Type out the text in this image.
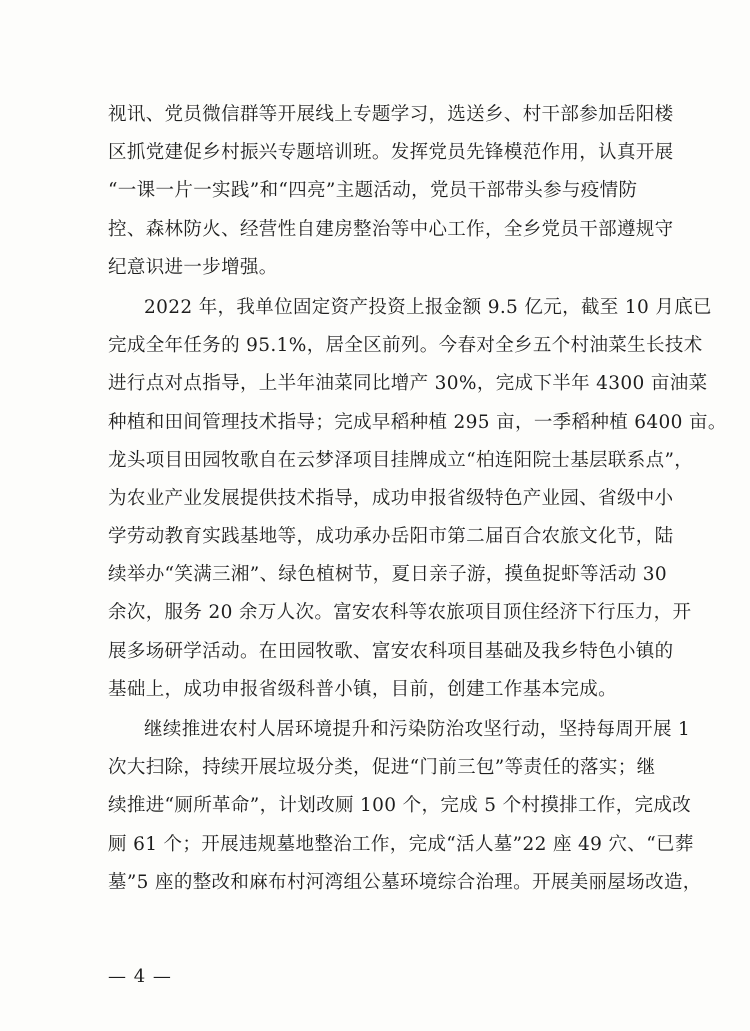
视讯、党员微信群等开展线上专题学习，选送乡、村干部参加岳阳楼
区抓党建促乡村振兴专题培训班。发挥党员先锋模范作用，认真开展
“一课一片一实践”和“四亮”主题活动，党员干部带头参与疫情防
控、森林防火、经营性自建房整治等中心工作，全乡党员干部遵规守
纪意识进一步增强。
2022 年，我单位固定资产投资上报金额 9.5 亿元，截至 10 月底已
完成全年任务的 95.1%，居全区前列。今春对全乡五个村油菜生长技术
进行点对点指导，上半年油菜同比增产 30%，完成下半年 4300 亩油菜
种植和田间管理技术指导；完成早稻种植 295 亩，一季稻种植 6400 亩。
龙头项目田园牧歌自在云梦泽项目挂牌成立“柏连阳院士基层联系点”，
为农业产业发展提供技术指导，成功申报省级特色产业园、省级中小
学劳动教育实践基地等，成功承办岳阳市第二届百合农旅文化节，陆
续举办“笑满三湘”、绿色植树节，夏日亲子游，摸鱼捉虾等活动 30
余次，服务 20 余万人次。富安农科等农旅项目顶住经济下行压力，开
展多场研学活动。在田园牧歌、富安农科项目基础及我乡特色小镇的
基础上，成功申报省级科普小镇，目前，创建工作基本完成。
继续推进农村人居环境提升和污染防治攻坚行动，坚持每周开展 1
次大扫除，持续开展垃圾分类，促进“门前三包”等责任的落实；继
续推进“厕所革命”，计划改厕 100 个，完成 5 个村摸排工作，完成改
厕 61 个；开展违规墓地整治工作，完成“活人墓”22 座 49 穴、“已葬
墓”5 座的整改和麻布村河湾组公墓环境综合治理。开展美丽屋场改造，
— 4 —
